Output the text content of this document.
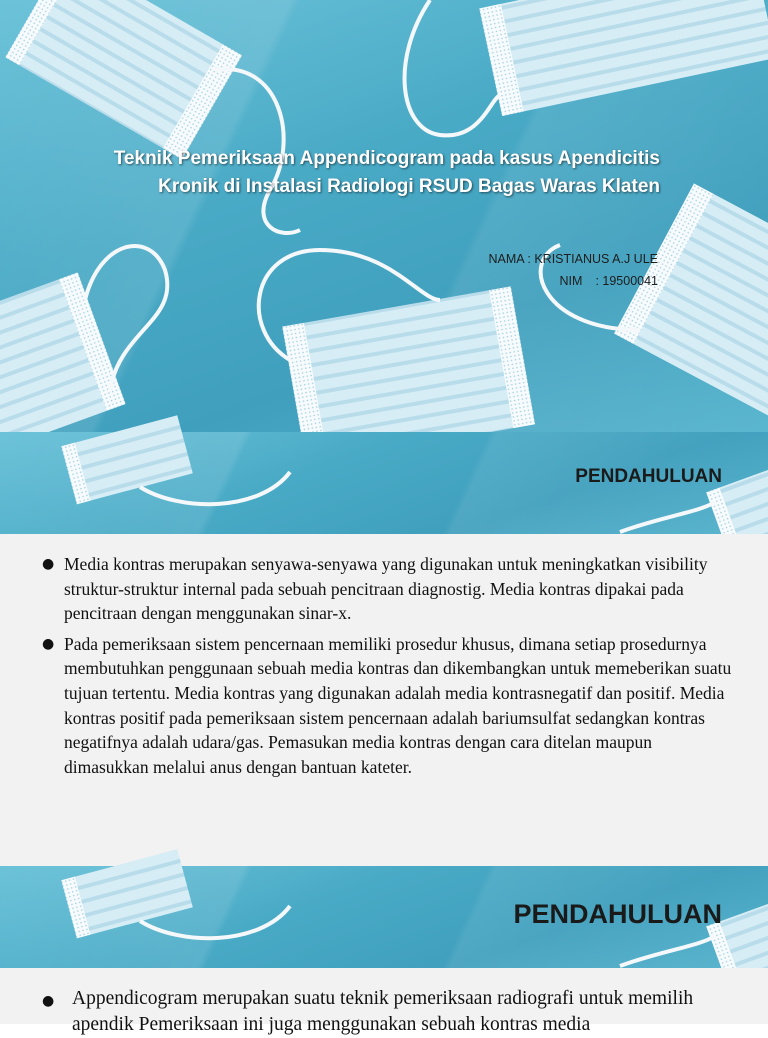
Teknik Pemeriksaan Appendicogram pada kasus Apendicitis
Kronik di Instalasi Radiologi RSUD Bagas Waras Klaten
NAMA : KRISTIANUS A.J ULE
NIM	: 19500041
PENDAHULUAN
● Media kontras merupakan senyawa-senyawa yang digunakan untuk meningkatkan visibility struktur-struktur internal pada sebuah pencitraan diagnostig. Media kontras dipakai pada pencitraan dengan menggunakan sinar-x.
● Pada pemeriksaan sistem pencernaan memiliki prosedur khusus, dimana setiap prosedurnya membutuhkan penggunaan sebuah media kontras dan dikembangkan untuk memeberikan suatu tujuan tertentu. Media kontras yang digunakan adalah media kontrasnegatif dan positif. Media kontras positif pada pemeriksaan sistem pencernaan adalah bariumsulfat sedangkan kontras negatifnya adalah udara/gas. Pemasukan media kontras dengan cara ditelan maupun dimasukkan melalui anus dengan bantuan kateter.
PENDAHULUAN
● Appendicogram merupakan suatu teknik pemeriksaan radiografi untuk memilih apendik Pemeriksaan ini juga menggunakan sebuah kontras media
